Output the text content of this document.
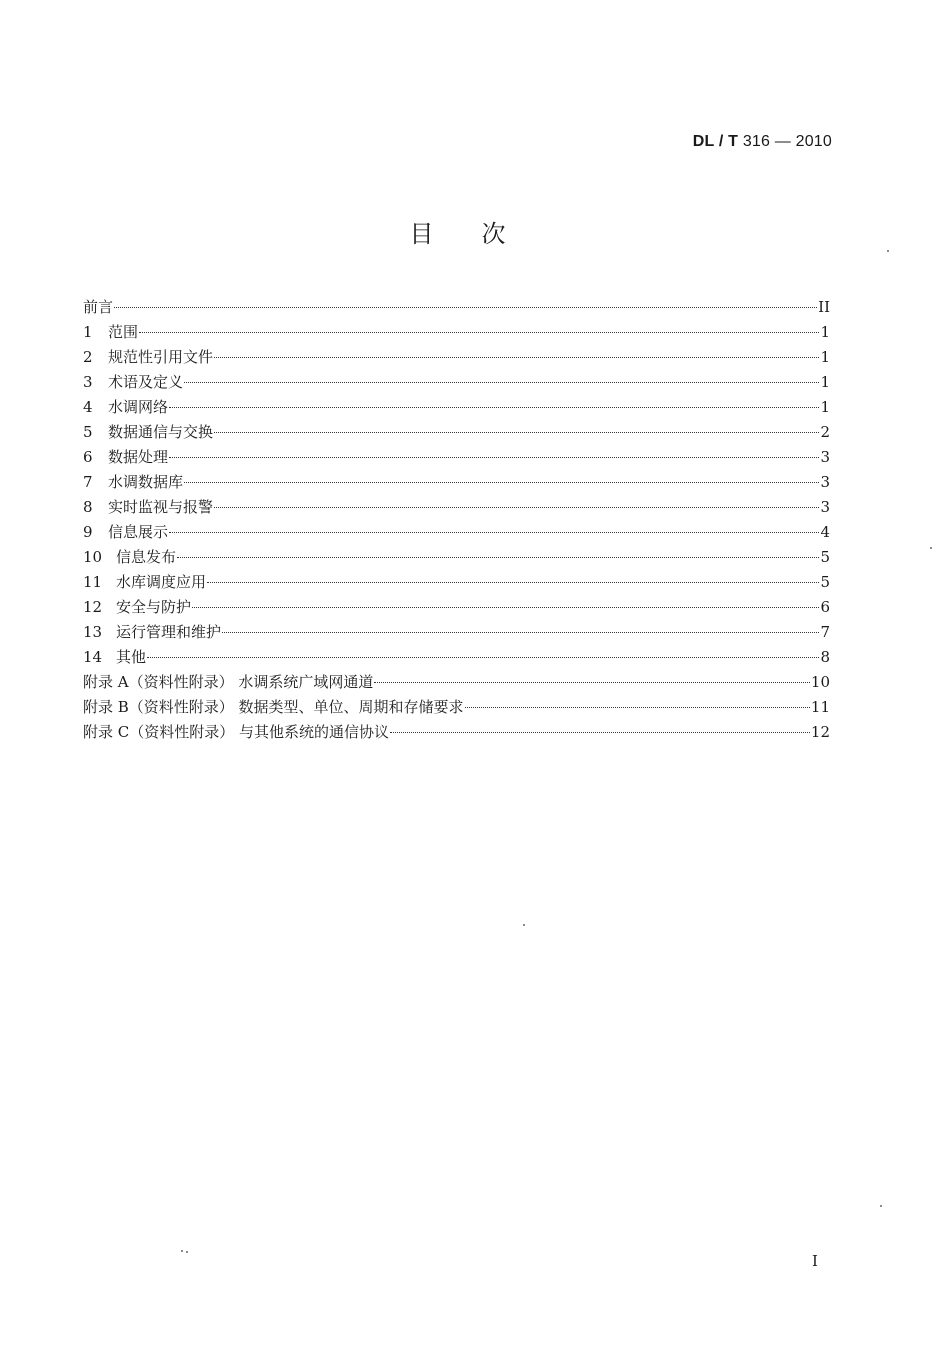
DL / T 316 — 2010
目次
前言	II
1	范围	1
2	规范性引用文件	1
3	术语及定义	1
4	水调网络	1
5	数据通信与交换	2
6	数据处理	3
7	水调数据库	3
8	实时监视与报警	3
9	信息展示	4
10 信息发布	5
11 水库调度应用	5
12 安全与防护	6
13 运行管理和维护	7
14 其他	8
附录 A（资料性附录） 水调系统广域网通道	10
附录 B（资料性附录） 数据类型、单位、周期和存储要求	11
附录 C（资料性附录） 与其他系统的通信协议	12
I
